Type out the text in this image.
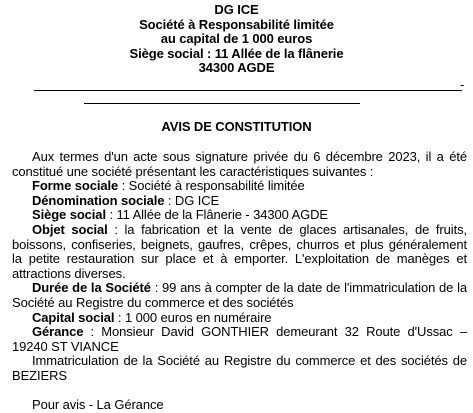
DG ICE
Société à Responsabilité limitée
au capital de 1 000 euros
Siège social : 11 Allée de la flânerie
34300 AGDE
-
AVIS DE CONSTITUTION

Aux termes d'un acte sous signature privée du 6 décembre 2023, il a été constitué une société présentant les caractéristiques suivantes :

Forme sociale : Société à responsabilité limitée

Dénomination sociale : DG ICE

Siège social : 11 Allée de la Flânerie - 34300 AGDE

Objet social : la fabrication et la vente de glaces artisanales, de fruits, boissons, confiseries, beignets, gaufres, crêpes, churros et plus généralement la petite restauration sur place et à emporter. L'exploitation de manèges et attractions diverses.

Durée de la Société : 99 ans à compter de la date de l'immatriculation de la Société au Registre du commerce et des sociétés

Capital social : 1 000 euros en numéraire

Gérance : Monsieur David GONTHIER demeurant 32 Route d'Ussac – 19240 ST VIANCE

Immatriculation de la Société au Registre du commerce et des sociétés de BEZIERS

Pour avis - La Gérance
